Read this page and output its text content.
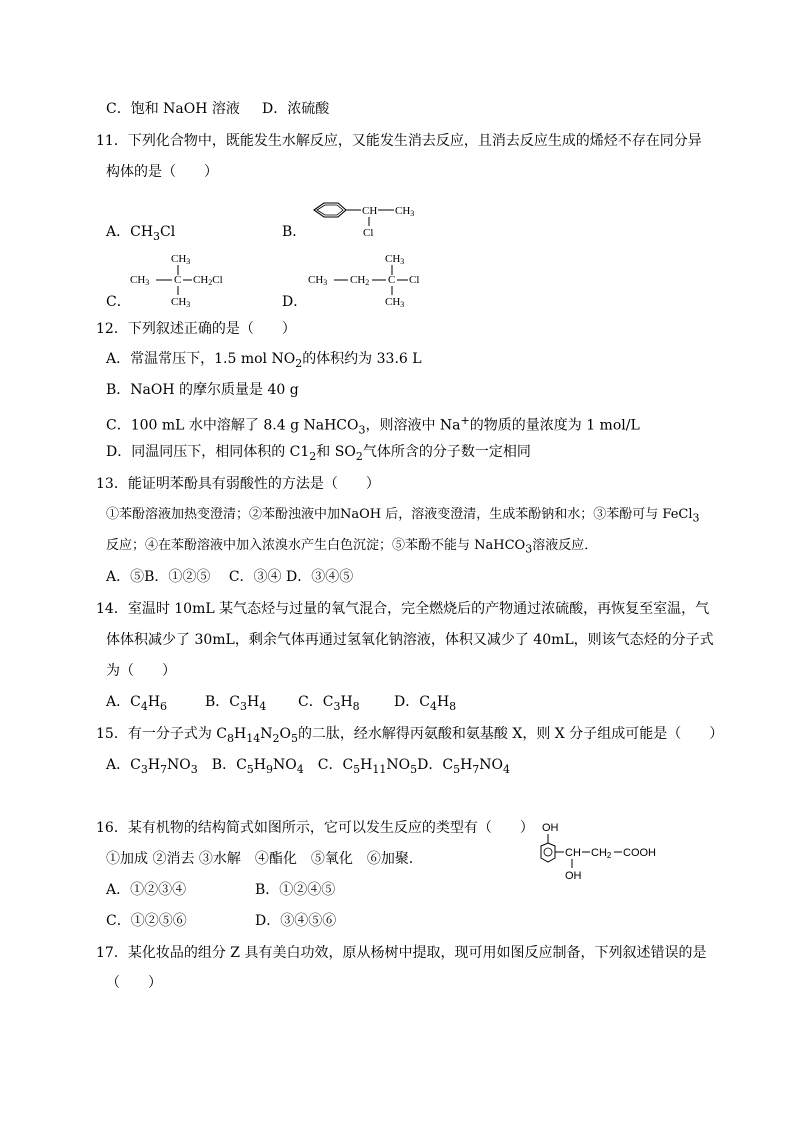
C．饱和 NaOH 溶液 D．浓硫酸
11．下列化合物中，既能发生水解反应，又能发生消去反应，且消去反应生成的烯烃不存在同分异
构体的是（　　）
A．$CH_3Cl$	B．
CH CH3
Cl
C．
CH3
CH3 C CH2Cl
CH3	D．
CH3
CH3 CH2 C Cl
CH3
12．下列叙述正确的是（　　）
A．常温常压下，1.5 mol $NO_2$的体积约为 33.6 L
B．NaOH 的摩尔质量是 40 g
C．100 mL 水中溶解了 8.4 g NaHCO$_3$，则溶液中 Na+的物质的量浓度为 1 mol/L
D．同温同压下，相同体积的 $C1_2$和 $SO_2$气体所含的分子数一定相同
13．能证明苯酚具有弱酸性的方法是（　　）
①苯酚溶液加热变澄清；②苯酚浊液中加NaOH 后，溶液变澄清，生成苯酚钠和水；③苯酚可与 FeCl$_3$
反应；④在苯酚溶液中加入浓溴水产生白色沉淀；⑤苯酚不能与 NaHCO$_3$溶液反应．
A．⑤B．①②⑤　 C．③④ D．③④⑤
14．室温时 10mL 某气态烃与过量的氧气混合，完全燃烧后的产物通过浓硫酸，再恢复至室温，气
体体积减少了 30mL，剩余气体再通过氢氧化钠溶液，体积又减少了 40mL，则该气态烃的分子式
为（　　）
A．$C_4H_6$	B．$C_3H_4$ C．$C_3H_8$ D．$C_4H_8$
15．有一分子式为 $C_8H_{14}N_2O_5$的二肽，经水解得丙氨酸和氨基酸 X，则 X 分子组成可能是（　　）
A．$C_3H_7NO_3$　B．$C_5H_9NO_4$　C．$C_5H_{11}NO_5D$．$C_5H_7NO_4$
16．某有机物的结构简式如图所示，它可以发生反应的类型有（　　）
①加成 ②消去 ③水解　④酯化　⑤氧化　⑥加聚．
A．①②③④	B．①②④⑤
C．①②⑤⑥	D．③④⑤⑥
OH
CH CH2 COOH
OH
17．某化妆品的组分 Z 具有美白功效，原从杨树中提取，现可用如图反应制备，下列叙述错误的是
（　　）
